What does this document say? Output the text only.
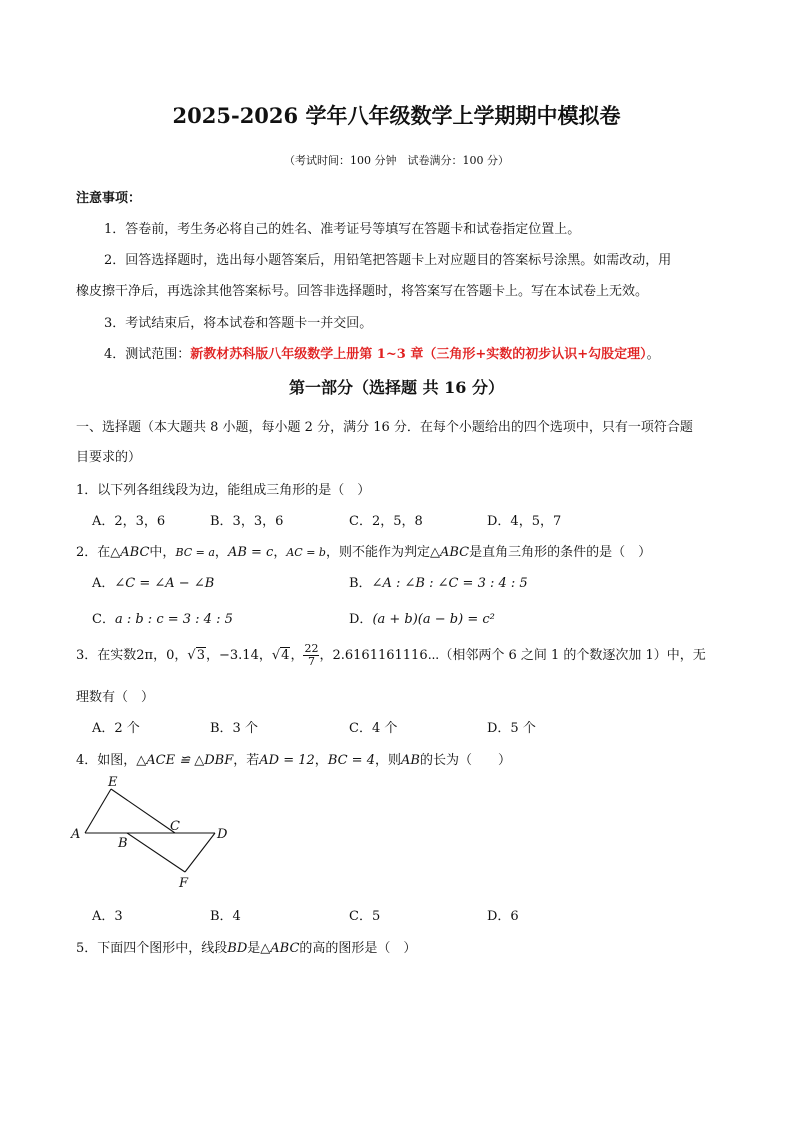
2025-2026 学年八年级数学上学期期中模拟卷
（考试时间：100 分钟　试卷满分：100 分）
注意事项：
1．答卷前，考生务必将自己的姓名、准考证号等填写在答题卡和试卷指定位置上。
2．回答选择题时，选出每小题答案后，用铅笔把答题卡上对应题目的答案标号涂黑。如需改动，用
橡皮擦干净后，再选涂其他答案标号。回答非选择题时，将答案写在答题卡上。写在本试卷上无效。
3．考试结束后，将本试卷和答题卡一并交回。
4．测试范围：新教材苏科版八年级数学上册第 1~3 章（三角形+实数的初步认识+勾股定理）。
第一部分（选择题 共 16 分）
一、选择题（本大题共 8 小题，每小题 2 分，满分 16 分．在每个小题给出的四个选项中，只有一项符合题
目要求的）
1．以下列各组线段为边，能组成三角形的是（　）
A．2，3，6	B．3，3，6	C．2，5，8	D．4，5，7
2．在△ABC中，BC = a，AB = c，AC = b，则不能作为判定△ABC是直角三角形的条件的是（　）
A．∠C = ∠A − ∠B	B．∠A : ∠B : ∠C = 3 : 4 : 5
C．a : b : c = 3 : 4 : 5	D．(a + b)(a − b) = c²
3．在实数2π，0，√3，−3.14，√4， $\frac{22}{7}$ ，2.6161161116⋯（相邻两个 6 之间 1 的个数逐次加 1）中，无
理数有（　）
A．2 个	B．3 个	C．4 个	D．5 个
4．如图，△ACE ≌ △DBF，若AD = 12，BC = 4，则AB的长为（　　）
E
A
B
C
D
F
A．3	B．4	C．5	D．6
5．下面四个图形中，线段BD是△ABC的高的图形是（　）
